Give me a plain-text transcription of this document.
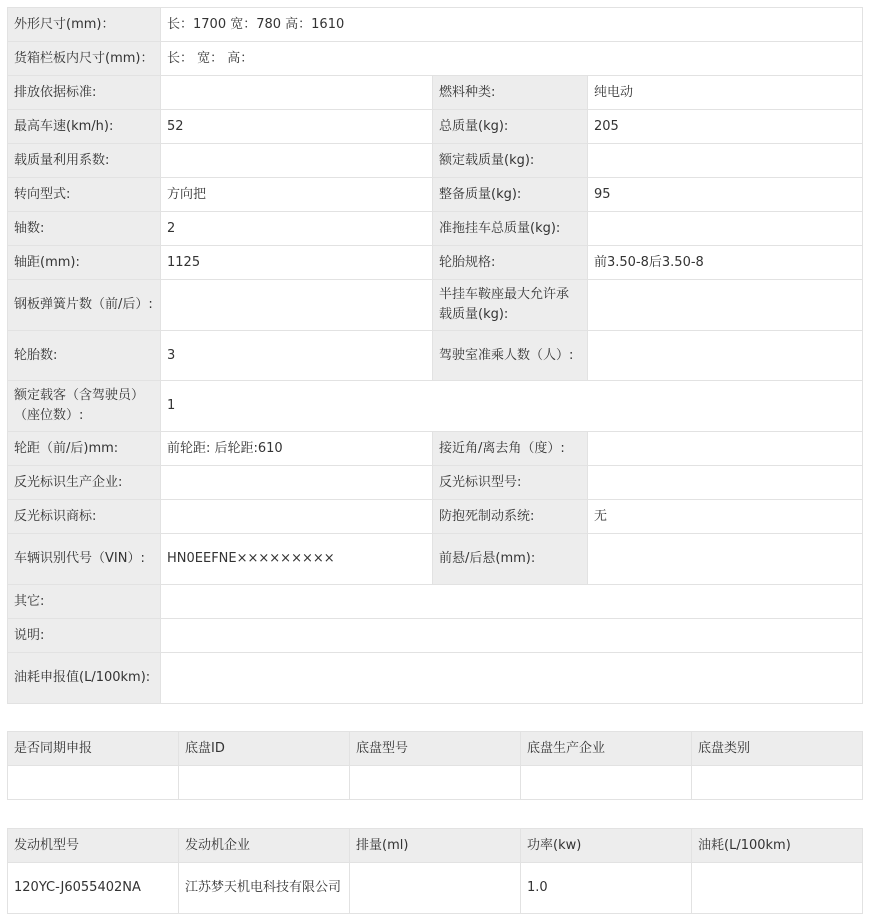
外形尺寸(mm)：	长：1700 宽：780 高：1610		
货箱栏板内尺寸(mm)：	长： 宽： 高：		
排放依据标准:		燃料种类:	纯电动
最高车速(km/h):	52	总质量(kg):	205
载质量利用系数:		额定载质量(kg):	
转向型式:	方向把	整备质量(kg):	95
轴数:	2	准拖挂车总质量(kg):	
轴距(mm):	1125	轮胎规格:	前3.50-8后3.50-8
钢板弹簧片数（前/后）:		半挂车鞍座最大允许承载质量(kg):	
轮胎数:	3	驾驶室准乘人数（人）:	
额定载客（含驾驶员）（座位数）:	1		
轮距（前/后)mm:	前轮距: 后轮距:610	接近角/离去角（度）:	
反光标识生产企业:		反光标识型号:	
反光标识商标:		防抱死制动系统:	无
车辆识别代号（VIN）:	HN0EEFNE×××××××××	前悬/后悬(mm):	
其它:			
说明:			
油耗申报值(L/100km):			
是否同期申报	底盘ID	底盘型号	底盘生产企业	底盘类别

发动机型号	发动机企业	排量(ml)	功率(kw)	油耗(L/100km)
120YC-J6055402NA	江苏梦天机电科技有限公司		1.0	
